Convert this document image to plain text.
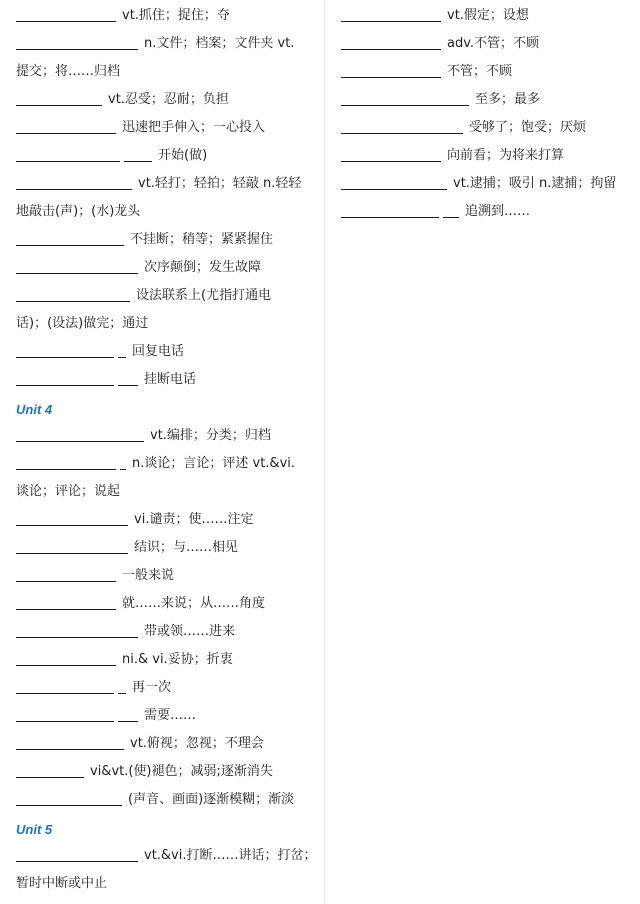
Unit 4
Unit 5
vt.抓住；捉住；夺
n.文件；档案；文件夹 vt.
提交；将……归档
vt.忍受；忍耐；负担
迅速把手伸入；一心投入
开始(做)
vt.轻打；轻拍；轻敲 n.轻轻
地敲击(声)；(水)龙头
不挂断；稍等；紧紧握住
次序颠倒；发生故障
设法联系上(尤指打通电
话)；(设法)做完；通过
回复电话
挂断电话
vt.编排；分类；归档
n.谈论；言论；评述 vt.&vi.
谈论；评论；说起
vi.谴责；使……注定
结识；与……相见
一般来说
就……来说；从……角度
带或领……进来
ni.& vi.妥协；折衷
再一次
需要……
vt.俯视；忽视；不理会
vi&vt.(使)褪色；减弱;逐渐消失
(声音、画面)逐渐模糊；渐淡
vt.&vi.打断……讲话；打岔；
暂时中断或中止
vt.假定；设想
adv.不管；不顾
不管；不顾
至多；最多
受够了；饱受；厌烦
向前看；为将来打算
vt.逮捕；吸引 n.逮捕；拘留
追溯到……
